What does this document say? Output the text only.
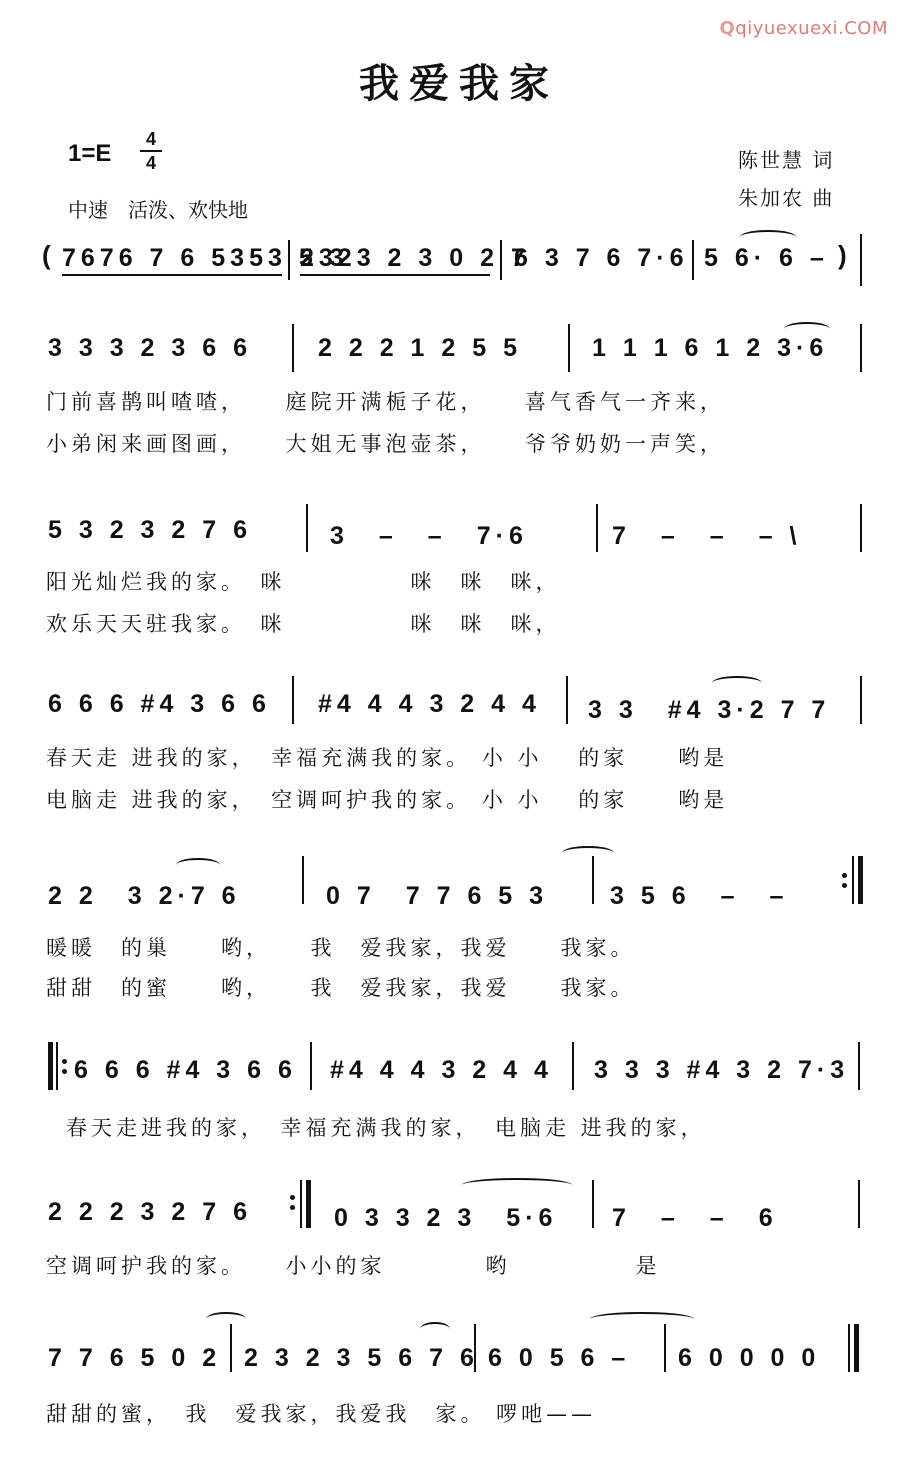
Qqiyuexuexi.COM
我爱我家
1=E
4
4
中速　活泼、欢快地
陈世慧 词
朱加农 曲
( 7676 7 6 5353 5 3
2323 2 3 0 2 7
6 3 7 6 7·6 5 6· 6 – )
3 3 3 2 3 6 6	2 2 2 1 2 5 5	1 1 1 6 1 2 3·6
门前喜鹊叫喳喳，　　庭院开满栀子花，　　喜气香气一齐来，
小弟闲来画图画，　　大姐无事泡壶茶，　　爷爷奶奶一声笑，
5 3 2 3 2 7 6	3　–　–　7·6	7　–　–　– \
阳光灿烂我的家。　咪　　　　　咪　咪　咪，
欢乐天天驻我家。　咪　　　　　咪　咪　咪，
6 6 6 #4 3 6 6 #4 4 4 3 2 4 4 3 3　#4 3·2 7 7
春天走 进我的家，　幸福充满我的家。 小 小　 的家　　哟是
电脑走 进我的家，　空调呵护我的家。 小 小　 的家　　哟是
2 2　3 2·7 6	0 7　7 7 6 5 3 3 5 6　–　–
暖暖　的巢　　哟，　　我　爱我家，我爱　　我家。
甜甜　的蜜　　哟，　　我　爱我家，我爱　　我家。
6 6 6 #4 3 6 6 #4 4 4 3 2 4 4 3 3 3 #4 3 2 7·3
春天走进我的家，　幸福充满我的家，　电脑走 进我的家，
2 2 2 3 2 7 6	0 3 3 2 3　5·6 7　–　–　6
空调呵护我的家。　　小小的家　　　　哟　　　　　是
7 7 6 5 0 2 2 3 2 3 5 6 7 6 6 0 5 6 – 6 0 0 0 0
甜甜的蜜，　我　爱我家，我爱我　家。 啰吔——
